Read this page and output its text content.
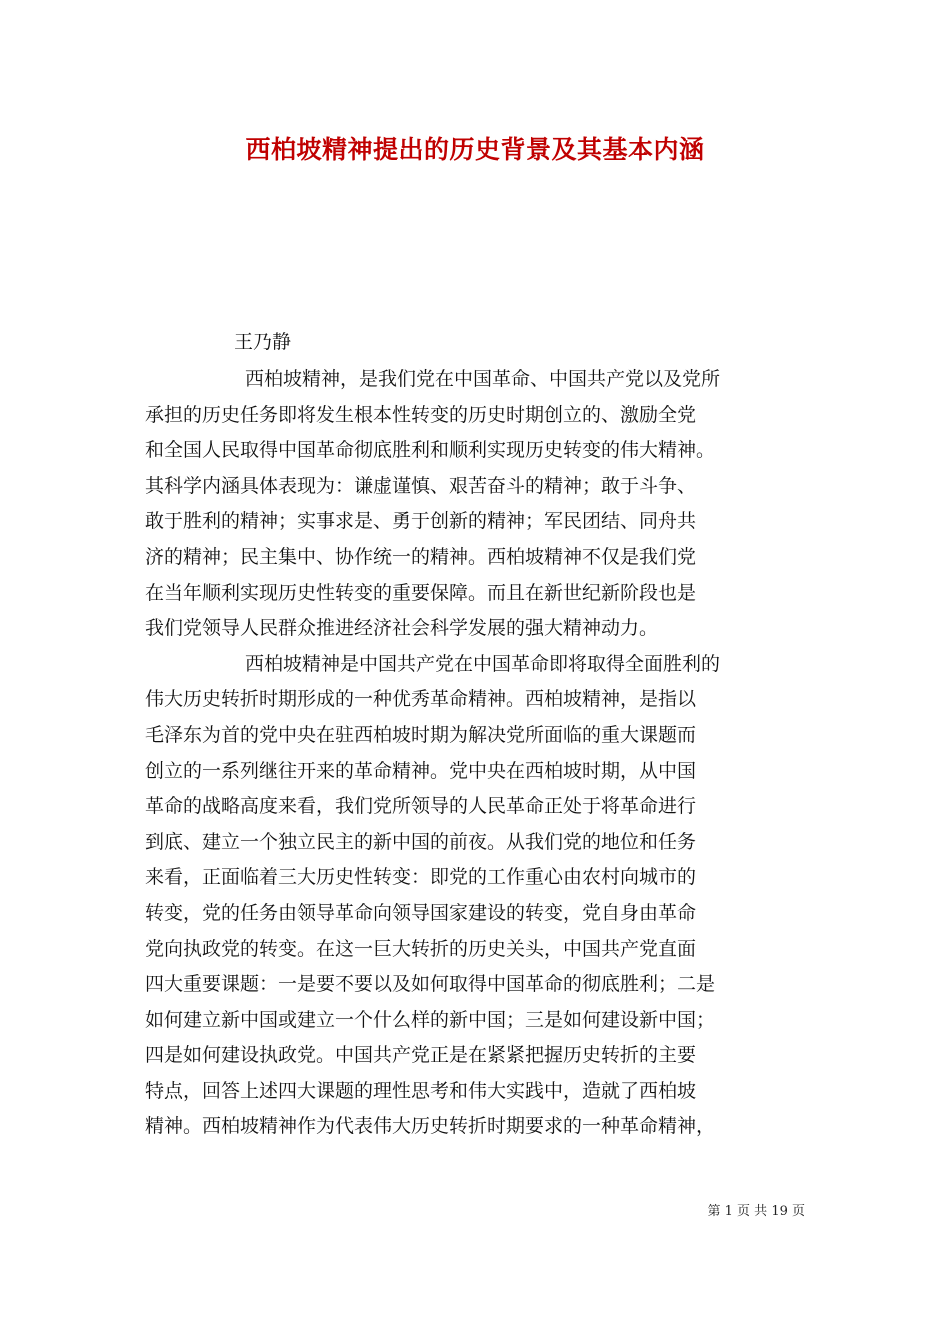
西柏坡精神提出的历史背景及其基本内涵
王乃静
西柏坡精神，是我们党在中国革命、中国共产党以及党所
承担的历史任务即将发生根本性转变的历史时期创立的、激励全党
和全国人民取得中国革命彻底胜利和顺利实现历史转变的伟大精神。
其科学内涵具体表现为：谦虚谨慎、艰苦奋斗的精神；敢于斗争、
敢于胜利的精神；实事求是、勇于创新的精神；军民团结、同舟共
济的精神；民主集中、协作统一的精神。西柏坡精神不仅是我们党
在当年顺利实现历史性转变的重要保障。而且在新世纪新阶段也是
我们党领导人民群众推进经济社会科学发展的强大精神动力。
西柏坡精神是中国共产党在中国革命即将取得全面胜利的
伟大历史转折时期形成的一种优秀革命精神。西柏坡精神，是指以
毛泽东为首的党中央在驻西柏坡时期为解决党所面临的重大课题而
创立的一系列继往开来的革命精神。党中央在西柏坡时期，从中国
革命的战略高度来看，我们党所领导的人民革命正处于将革命进行
到底、建立一个独立民主的新中国的前夜。从我们党的地位和任务
来看，正面临着三大历史性转变：即党的工作重心由农村向城市的
转变，党的任务由领导革命向领导国家建设的转变，党自身由革命
党向执政党的转变。在这一巨大转折的历史关头，中国共产党直面
四大重要课题：一是要不要以及如何取得中国革命的彻底胜利；二是
如何建立新中国或建立一个什么样的新中国；三是如何建设新中国；
四是如何建设执政党。中国共产党正是在紧紧把握历史转折的主要
特点，回答上述四大课题的理性思考和伟大实践中，造就了西柏坡
精神。西柏坡精神作为代表伟大历史转折时期要求的一种革命精神，
第 1 页 共 19 页
